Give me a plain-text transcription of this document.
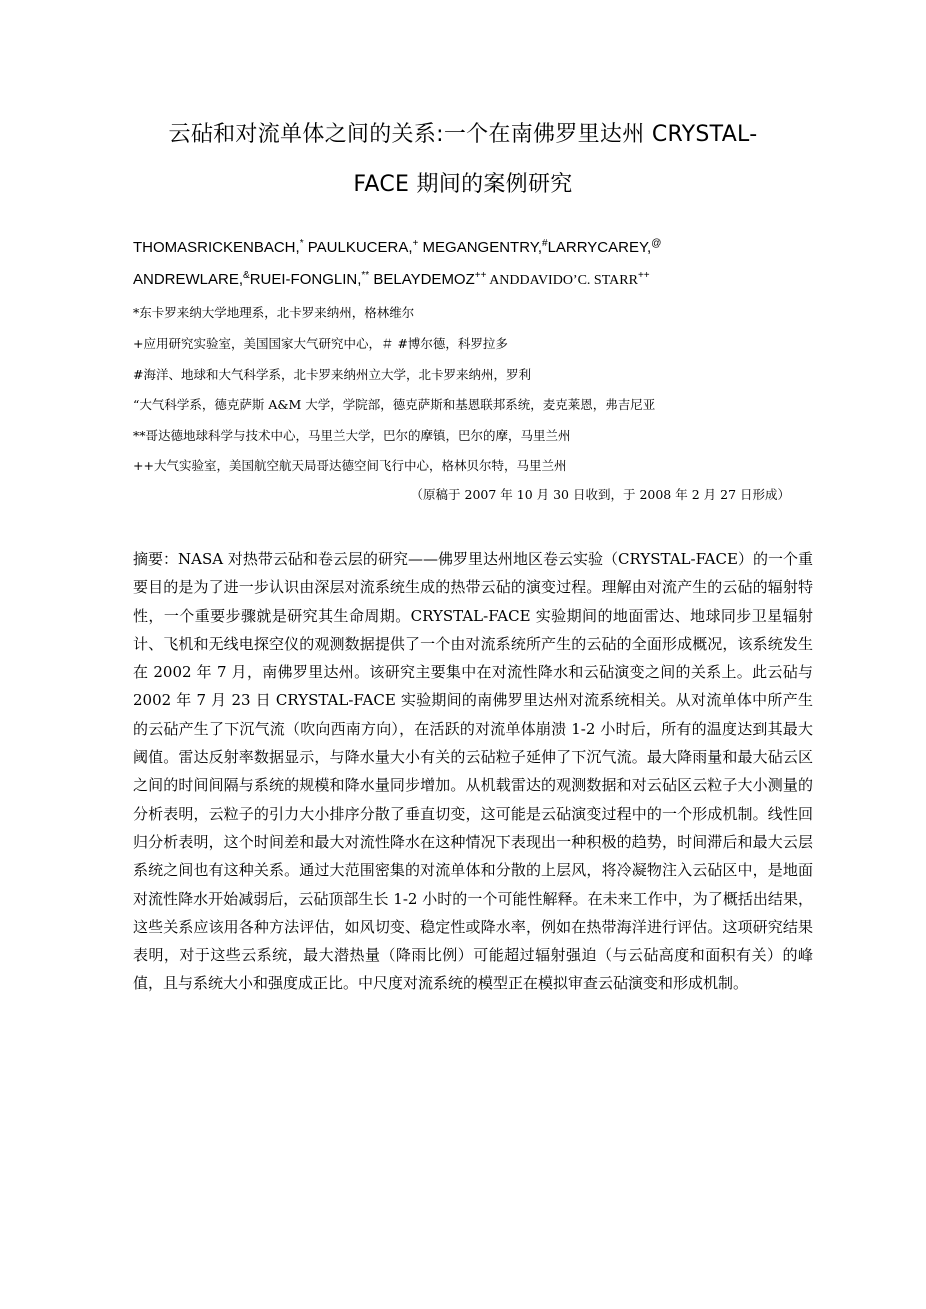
云砧和对流单体之间的关系:一个在南佛罗里达州 CRYSTAL-
FACE 期间的案例研究
THOMASRICKENBACH,* PAULKUCERA,+ MEGANGENTRY,#LARRYCAREY,@
ANDREWLARE,&RUEI-FONGLIN,** BELAYDEMOZ++ ANDDAVIDO’C. STARR++
*东卡罗来纳大学地理系，北卡罗来纳州，格林维尔
+应用研究实验室，美国国家大气研究中心，＃ #博尔德，科罗拉多
#海洋、地球和大气科学系，北卡罗来纳州立大学，北卡罗来纳州，罗利
“大气科学系，德克萨斯 A&M 大学，学院部，德克萨斯和基恩联邦系统，麦克莱恩，弗吉尼亚
**哥达德地球科学与技术中心，马里兰大学，巴尔的摩镇，巴尔的摩，马里兰州
++大气实验室，美国航空航天局哥达德空间飞行中心，格林贝尔特，马里兰州
（原稿于 2007 年 10 月 30 日收到，于 2008 年 2 月 27 日形成）

摘要：NASA 对热带云砧和卷云层的研究——佛罗里达州地区卷云实验（CRYSTAL-FACE）的一个重要目的是为了进一步认识由深层对流系统生成的热带云砧的演变过程。理解由对流产生的云砧的辐射特性，一个重要步骤就是研究其生命周期。CRYSTAL-FACE 实验期间的地面雷达、地球同步卫星辐射计、飞机和无线电探空仪的观测数据提供了一个由对流系统所产生的云砧的全面形成概况，该系统发生在 2002 年 7 月，南佛罗里达州。该研究主要集中在对流性降水和云砧演变之间的关系上。此云砧与 2002 年 7 月 23 日 CRYSTAL-FACE 实验期间的南佛罗里达州对流系统相关。从对流单体中所产生的云砧产生了下沉气流（吹向西南方向），在活跃的对流单体崩溃 1-2 小时后，所有的温度达到其最大阈值。雷达反射率数据显示，与降水量大小有关的云砧粒子延伸了下沉气流。最大降雨量和最大砧云区之间的时间间隔与系统的规模和降水量同步增加。从机载雷达的观测数据和对云砧区云粒子大小测量的分析表明，云粒子的引力大小排序分散了垂直切变，这可能是云砧演变过程中的一个形成机制。线性回归分析表明，这个时间差和最大对流性降水在这种情况下表现出一种积极的趋势，时间滞后和最大云层系统之间也有这种关系。通过大范围密集的对流单体和分散的上层风，将冷凝物注入云砧区中，是地面对流性降水开始减弱后，云砧顶部生长 1-2 小时的一个可能性解释。在未来工作中，为了概括出结果，这些关系应该用各种方法评估，如风切变、稳定性或降水率，例如在热带海洋进行评估。这项研究结果表明，对于这些云系统，最大潜热量（降雨比例）可能超过辐射强迫（与云砧高度和面积有关）的峰值，且与系统大小和强度成正比。中尺度对流系统的模型正在模拟审查云砧演变和形成机制。
